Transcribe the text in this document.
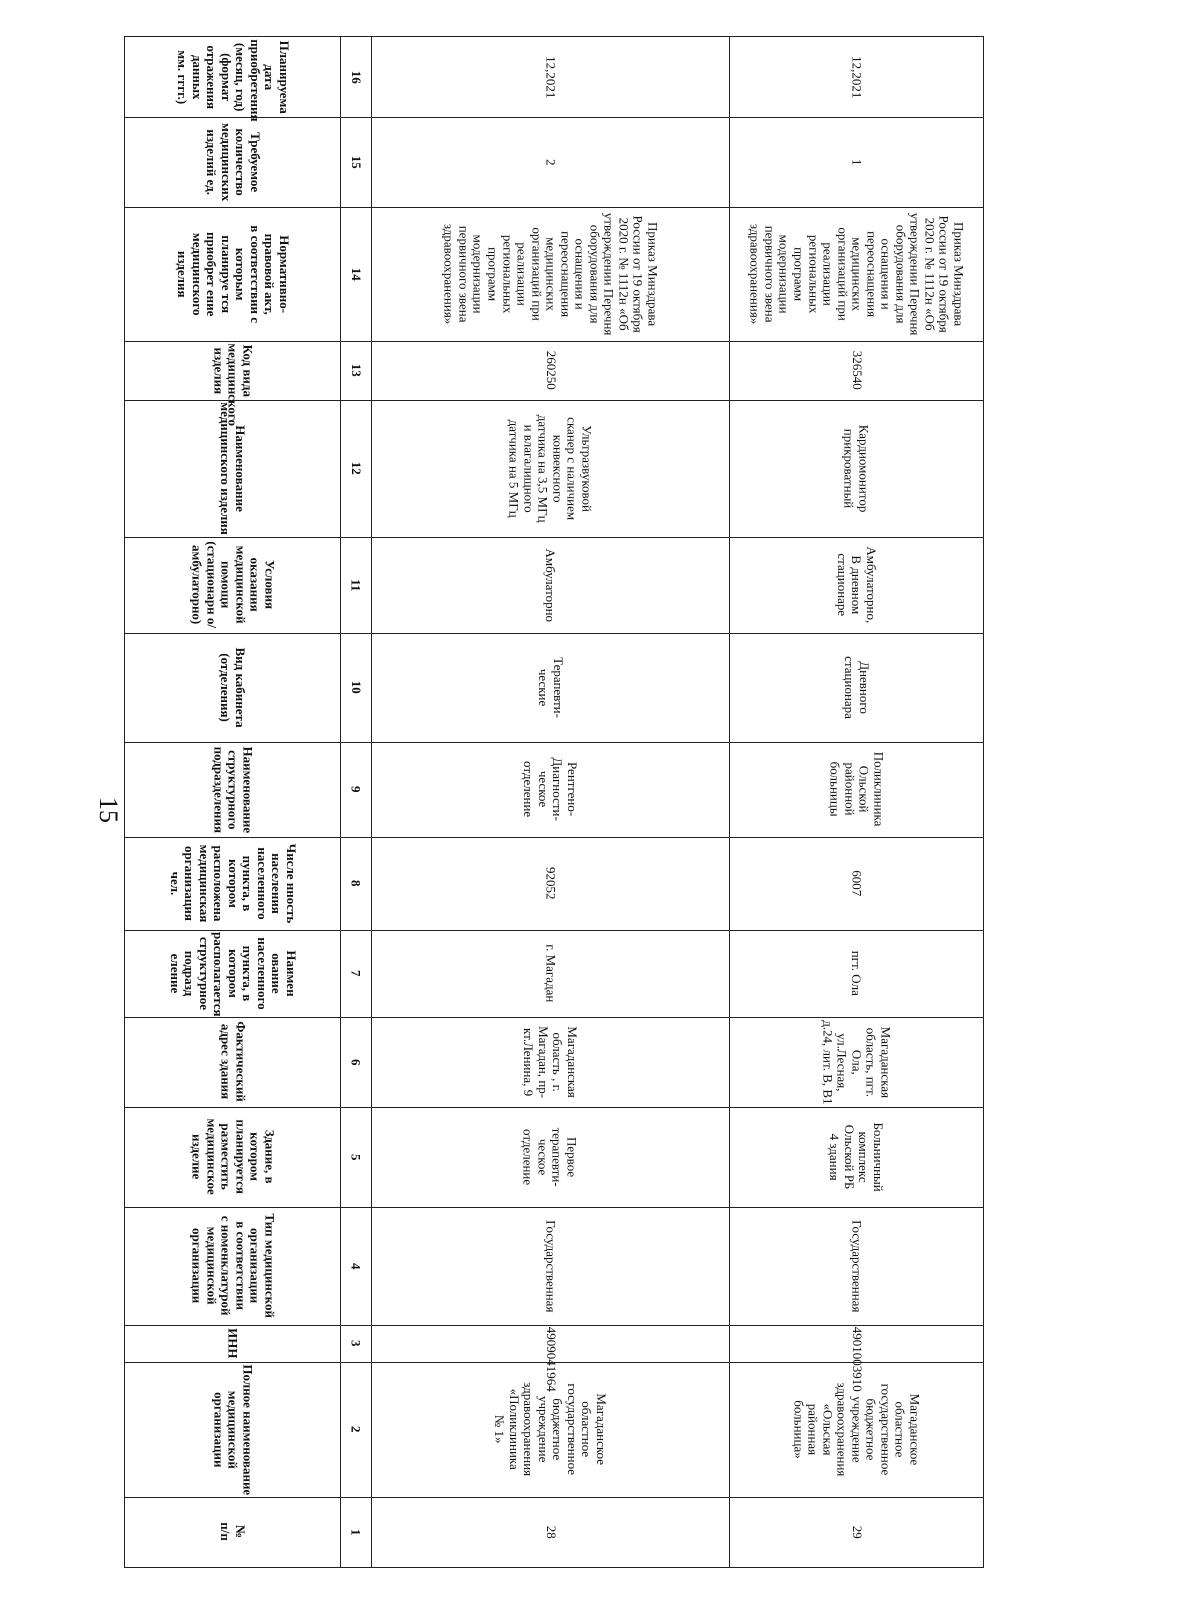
15
№
п/п	1	28	29
Полное наименование
медицинской организации	2	Магаданское
областное
государственное
бюджетное
учреждение
здравоохранения
«Поликлиника
№ 1»	Магаданское
областное
государственное
бюджетное
учреждение
здравоохранения
«Ольская
районная
больница»
ИНН	3	4909041964	4901003910
Тип медицинской организации
в соответствии
с номенклатурой медицинской
организации	4	Государственная	Государственная
Здание, в котором
планируется разместить
медицинское изделие	5	Первое
терапевти-
ческое
отделение	Больничный
комплекс
Ольской РБ
4 здания
Фактический адрес здания	6	Магаданская
область , г.
Магадан, пр-
кт.Ленина, 9	Магаданская
область, пгт.
Ола,
ул.Лесная,
д.24, лит. В, В1
Наимен ование населенного
пункта, в котором
располагается структурное
подразд еление	7	г. Магадан	пгт. Ола
Числе нность населения
населенного пункта, в
котором расположена
медицинская организация чел.	8	92052	6007
Наименование структурного
подразделения	9	Рентгено-
Диагности-
ческое
отделение	Поликлиника
Ольской
районной
больницы
Вид кабинета (отделения)	10	Терапевти-
ческие	Дневного
стационара
Условия оказания
медицинской помощи
(стационарн о/амбулаторно)	11	Амбулаторно	Амбулаторно,
В дневном
стационаре
Наименование
медицинского изделия
12	Ультразвуковой
сканер с наличием
конвексного
датчика на 3,5 МГц
и влагалищного
датчика на 5 МГц	Кардиомонитор
прикроватный
Код вида медицинского
изделия	13	260250	326540
Нормативно- правовой акт,
в соответствии с которым
планируе тся приобрет ение
медицинского изделия	14
Приказ Минздрава
России от 19 октября
2020 г. № 1112н «Об
утверждении Перечня
оборудования для
оснащения и
переоснащения
медицинских
организаций при
реализации
региональных
программ
модернизации
первичного звена
здравоохранения»	Приказ Минздрава
России от 19 октября
2020 г. № 1112н «Об
утверждении Перечня
оборудования для
оснащения и
переоснащения
медицинских
организаций при
реализации
региональных
программ
модернизации
первичного звена
здравоохранения»
Требуемое количество
медицинских изделий ед.
15	2	1
Планируема дата
приобретения (месяц, год)
(формат отражения данных
мм. гггг.)	16	12,2021	12,2021
